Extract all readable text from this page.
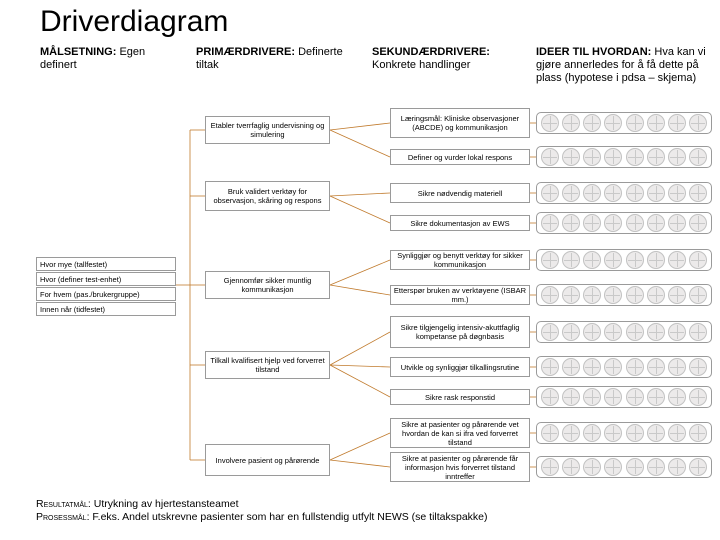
Driverdiagram
MÅLSETNING: Egen definert
PRIMÆRDRIVERE: Definerte tiltak
SEKUNDÆRDRIVERE: Konkrete handlinger
IDEER TIL HVORDAN: Hva kan vi gjøre annerledes for å få dette på plass (hypotese i pdsa – skjema)
Hvor mye (tallfestet)
Hvor (definer test-enhet)
For hvem (pas./brukergruppe)
Innen når (tidfestet)
Etabler tverrfaglig undervisning og simulering
Bruk validert verktøy for observasjon, skåring og respons
Gjennomfør sikker muntlig kommunikasjon
Tilkall kvalifisert hjelp ved forverret tilstand
Involvere pasient og pårørende
Læringsmål: Kliniske observasjoner (ABCDE) og kommunikasjon
Definer og vurder lokal respons
Sikre nødvendig materiell
Sikre dokumentasjon av EWS
Synliggjør og benytt verktøy for sikker kommunikasjon
Etterspør bruken av verktøyene (ISBAR mm.)
Sikre tilgjengelig intensiv-akuttfaglig kompetanse på døgnbasis
Utvikle og synliggjør tilkallingsrutine
Sikre rask responstid
Sikre at pasienter og pårørende vet hvordan de kan si ifra ved forverret tilstand
Sikre at pasienter og pårørende får informasjon hvis forverret tilstand inntreffer
Resultatmål: Utrykning av hjertestansteamet
Prosessmål: F.eks. Andel utskrevne pasienter som har en fullstendig utfylt NEWS (se tiltakspakke)
